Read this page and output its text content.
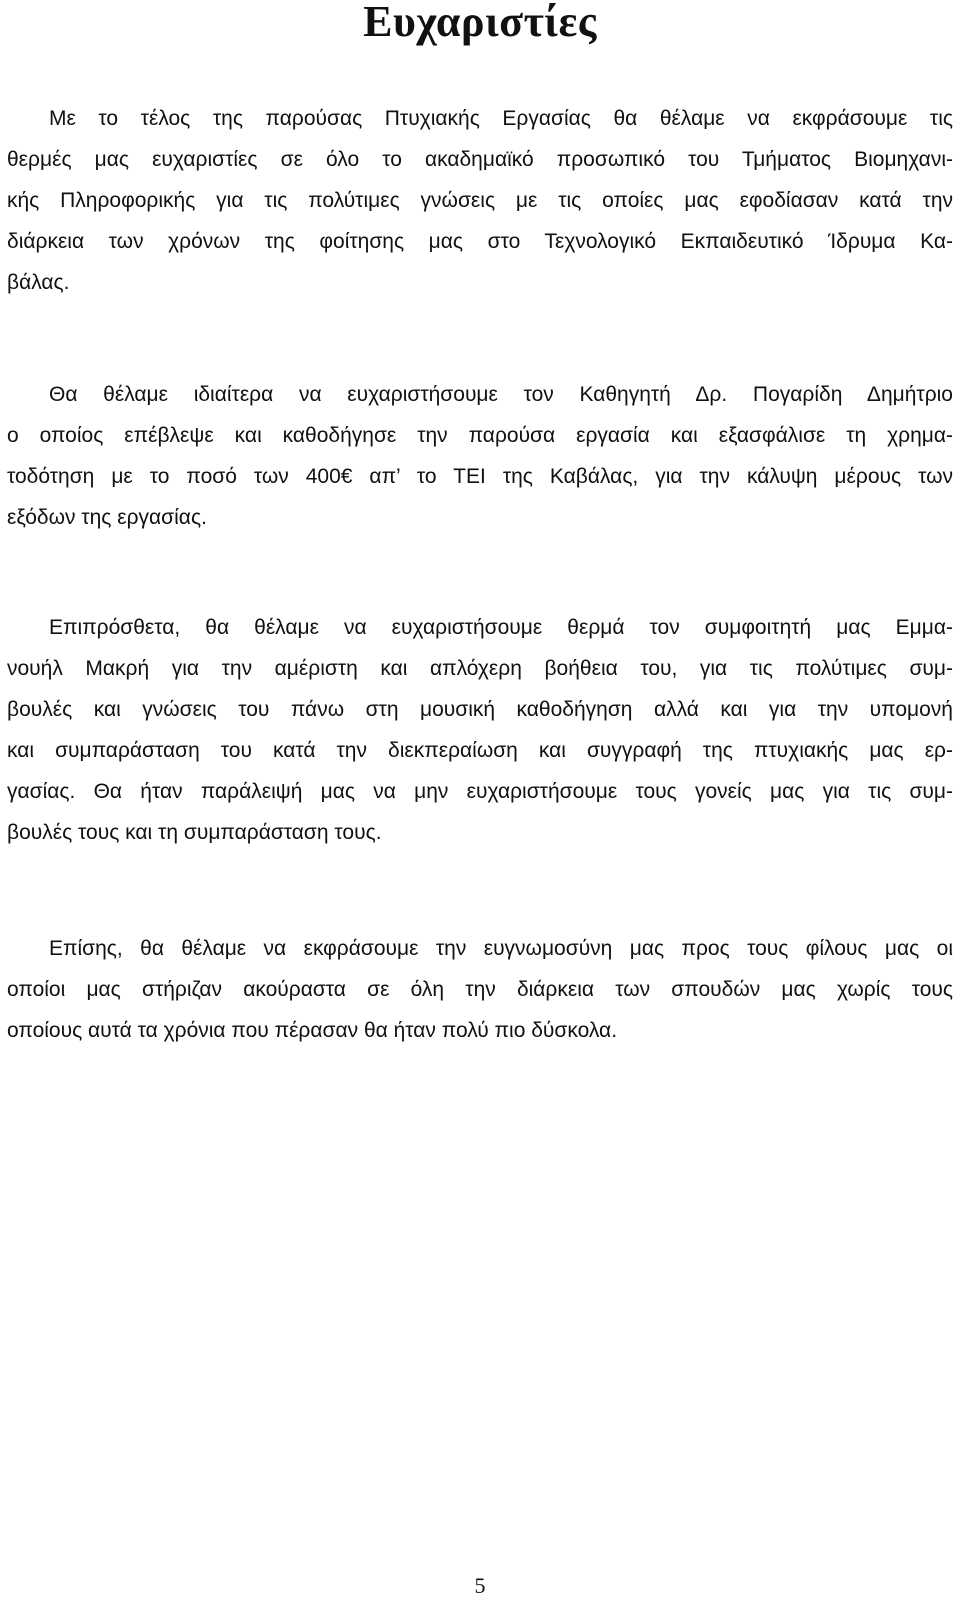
Ευχαριστίες
Με το τέλος της παρούσας Πτυχιακής Εργασίας θα θέλαμε να εκφράσουμε τις
θερμές μας ευχαριστίες σε όλο το ακαδημαϊκό προσωπικό του Τμήματος Βιομηχανι-
κής Πληροφορικής για τις πολύτιμες γνώσεις με τις οποίες μας εφοδίασαν κατά την
διάρκεια των χρόνων της φοίτησης μας στο Τεχνολογικό Εκπαιδευτικό Ίδρυμα Κα-
βάλας.
Θα θέλαμε ιδιαίτερα να ευχαριστήσουμε τον Καθηγητή Δρ. Πογαρίδη Δημήτριο
ο οποίος επέβλεψε και καθοδήγησε την παρούσα εργασία και εξασφάλισε τη χρημα-
τοδότηση με το ποσό των 400€ απ’ το ΤΕΙ της Καβάλας, για την κάλυψη μέρους των
εξόδων της εργασίας.
Επιπρόσθετα, θα θέλαμε να ευχαριστήσουμε θερμά τον συμφοιτητή μας Εμμα-
νουήλ Μακρή για την αμέριστη και απλόχερη βοήθεια του, για τις πολύτιμες συμ-
βουλές και γνώσεις του πάνω στη μουσική καθοδήγηση αλλά και για την υπομονή
και συμπαράσταση του κατά την διεκπεραίωση και συγγραφή της πτυχιακής μας ερ-
γασίας. Θα ήταν παράλειψή μας να μην ευχαριστήσουμε τους γονείς μας για τις συμ-
βουλές τους και τη συμπαράσταση τους.
Επίσης, θα θέλαμε να εκφράσουμε την ευγνωμοσύνη μας προς τους φίλους μας οι
οποίοι μας στήριζαν ακούραστα σε όλη την διάρκεια των σπουδών μας χωρίς τους
οποίους αυτά τα χρόνια που πέρασαν θα ήταν πολύ πιο δύσκολα.
5
